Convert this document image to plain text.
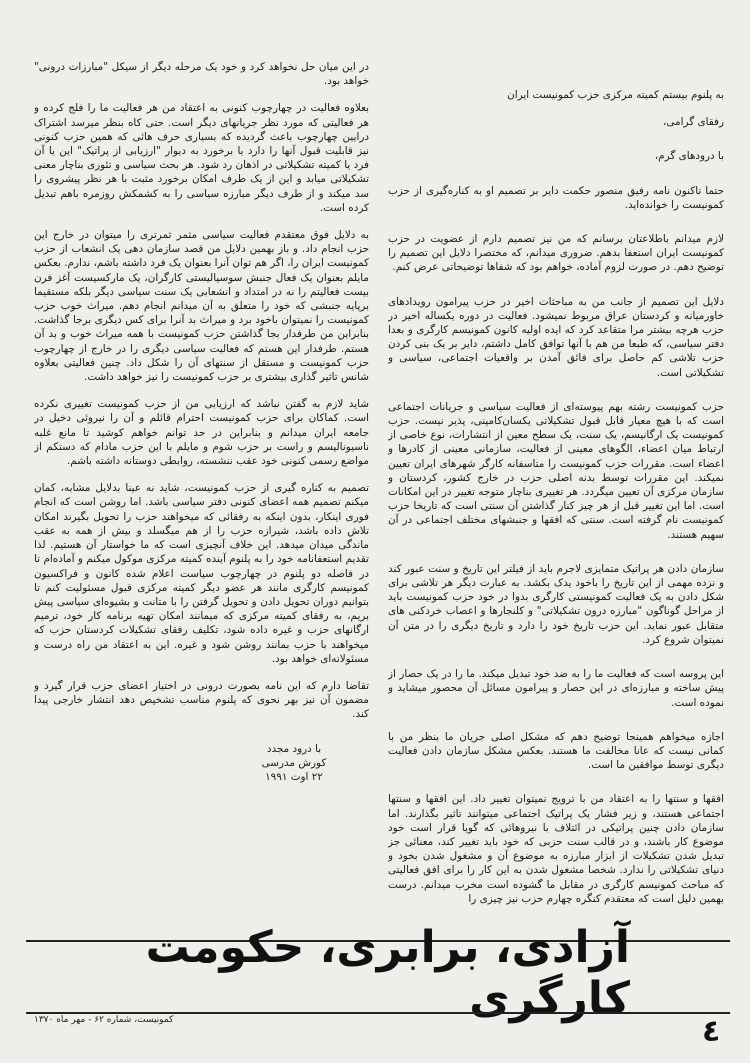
به پلنوم بیستم کمیته مرکزی حزب کمونیست ایران

رفقای گرامی،

با درودهای گرم،

حتما تاکنون نامه رفیق منصور حکمت دایر بر تصمیم او به کناره‌گیری از حزب کمونیست را خوانده‌اید.

لازم میدانم باطلاعتان برسانم که من نیز تصمیم دارم از عضویت در حزب کمونیست ایران استعفا بدهم. ضروری میدانم، که مختصرا دلایل این تصمیم را توضیح دهم. در صورت لزوم آماده، خواهم بود که شفاها توضیحاتی عرض کنم.

دلایل این تصمیم از جانب من به مباحثات اخیر در حزب پیرامون رویدادهای خاورمیانه و کردستان عراق مربوط نمیشود. فعالیت در دوره یکساله اخیر در حزب هرچه بیشتر مرا متقاعد کرد که ایده اولیه کانون کمونیسم کارگری و بعدا دفتر سیاسی، که طبعا من هم با آنها توافق کامل داشتم، دایر بر یک بنی کردن حزب تلاشی کم حاصل برای فائق آمدن بر واقعیات اجتماعی، سیاسی و تشکیلاتی است.

حزب کمونیست رشته بهم پیوسته‌ای از فعالیت سیاسی و جریانات اجتماعی است که با هیچ معیار قابل قبول تشکیلاتی یکسان‌کامپنی، پذیر نیست. حزب کمونیست یک ارگانیسم، یک سنت، یک سطح معین از انتشارات، نوع خاصی از ارتباط میان اعضاء، الگوهای معینی از فعالیت، سازمانی معینی از کادرها و اعضاء است. مقررات حزب کمونیست را متاسفانه کارگر شهرهای ایران تعیین نمیکند. این مقررات توسط بدنه اصلی حزب در خارج کشور، کردستان و سازمان مرکزی آن تعیین میگردد. هر تغییری بناچار متوجه تغییر در این امکانات است. اما این تغییر قبل از هر چیز کنار گذاشتن آن سنتی است که تاریخا حزب کمونیست نام گرفته است. سنتی که افقها و جنبشهای مختلف اجتماعی در آن سهیم هستند.

سازمان دادن هر پراتیک متمایزی لاجرم باید از فیلتر این تاریخ و سنت عبور کند و نزده مهمی از این تاریخ را باخود یدک بکشد. به عبارت دیگر هر تلاشی برای شکل دادن به یک فعالیت کمونیستی کارگری بدوا در خود حزب کمونیست باید از مراحل گوناگون "مبارزه درون تشکیلاتی" و کلنجارها و اعصاب خردکنی های متقابل عبور نماید. این حزب تاریخ خود را دارد و تاریخ دیگری را در متن آن نمیتوان شروع کرد.

این پروسه است که فعالیت ما را به ضد خود تبدیل میکند. ما را در یک حصار از پیش ساخته و مبارزه‌ای در این حصار و پیرامون مسائل آن محصور میشاید و نموده است.

اجازه میخواهم همینجا توضیح دهم که مشکل اصلی جریان ما بنظر من با کمانی نیست که عانا مخالفت ما هستند. بعکس مشکل سازمان دادن فعالیت دیگری توسط موافقین ما است.

افقها و سنتها را به اعتقاد من با ترویج نمیتوان تغییر داد. این افقها و سنتها اجتماعی هستند، و زیر فشار یک پراتیک اجتماعی میتوانند تاثیر بگذارند. اما سازمان دادن چنین پراتیکی در ائتلاف با نیروهائی که گویا قرار است خود موضوع کار باشند، و در قالب سنت حزبی که خود باید تغییر کند، معنائی جز تبدیل شدن تشکیلات از ابزار مبارزه به موضوع آن و مشغول شدن بخود و دنیای تشکیلاتی را ندارد. شخصا مشغول شدن به این کار را برای افق فعالیتی که مباحث کمونیسم کارگری در مقابل ما گشوده است مخرب میدانم. درست بهمین دلیل است که معتقدم کنگره چهارم حزب نیز چیزی را

در این میان حل نخواهد کرد و خود یک مرحله دیگر از سیکل "مبارزات درونی" خواهد بود.

بعلاوه فعالیت در چهارچوب کنونی به اعتقاد من هر فعالیت ما را فلج کرده و هر فعالیتی که مورد نظر جریانهای دیگر است. حتی کاه بنظر میرسد اشتراک درایین چهارچوب باعث گردیده که بسیاری حرف هائی که همین حزب کنونی نیز قابلیت قبول آنها را دارد با برخورد به دیوار "ارزیابی از پراتیک" این یا آن فرد یا کمیته تشکیلاتی در اذهان رد شود. هر بحث سیاسی و تئوری بناچار معنی تشکیلاتی میابد و این از یک طرف امکان برخورد مثبت با هر نظر پیشروی را سد میکند و از طرف دیگر مبارزه سیاسی را به کشمکش روزمره باهم تبدیل کرده است.

به دلایل فوق معتقدم فعالیت سیاسی مثمر ثمرتری را میتوان در خارج این حزب انجام داد. و باز بهمین دلایل من قصد سازمان دهی یک انشعاب از حزب کمونیست ایران را، اگر هم توان آنرا بعنوان یک فرد داشته باشم، ندارم. بعکس مایلم بعنوان یک فعال جنبش سوسیالیستی کارگران، یک مارکسیست آغز فرن بیست فعالیتم را نه در امتداد و انشعابی یک سنت سیاسی دیگر بلکه مستقیما برپایه جنبشی که خود را متعلق به آن میدانم انجام دهم. میراث خوب حزب کمونیست را نمیتوان باخود برد و میراث بد آنرا برای کس دیگری برجا گذاشت. بنابراین من طرفدار بجا گذاشتن حزب کمونیست با همه میراث خوب و بد آن هستم. طرفدار این هستم که فعالیت سیاسی دیگری را در خارج از چهارچوب حزب کمونیست و مستقل از سنتهای آن را شکل داد. چنین فعالیتی بعلاوه شانس تاثیر گذاری بیشتری بر حزب کمونیست را نیز خواهد داشت.

شاید لازم به گفتن نباشد که ارزیابی من از حزب کمونیست تغییری نکرده است. کماکان برای حزب کمونیست احترام قائلم و آن را نیروئی دخیل در جامعه ایران میدانم و بنابراین در حد توانم خواهم کوشید تا مانع غلبه ناسیونالیسم و راست بر حزب شوم و مایلم با این حزب مادام که دستکم از مواضع رسمی کنونی خود عقب ننشسته، روابطی دوستانه داشته باشم.

تصمیم به کناره گیری از حزب کمونیست، شاید نه عینا بدلایل مشابه، کمان میکنم تصمیم همه اعضای کنونی دفتر سیاسی باشد. اما روشن است که انجام فوری اینکار، بدون اینکه به رفقائی که میخواهند حزب را تحویل بگیرند امکان تلاش داده باشد، شیرازه حزب را از هم میگسلد و بیش از همه به عقب ماندگی میدان میدهد. این خلاف آنچیزی است که ما خواستار آن هستیم. لذا تقدیم استعفانامه خود را به پلنوم آینده کمیته مرکزی موکول میکنم و آماده‌ام تا در فاصله دو پلنوم در چهارچوب سیاست اعلام شده کانون و فراکسیون کمونیسم کارگری مانند هر عضو دیگر کمیته مرکزی قبول مسئولیت کنم تا بتوانیم دوران تحویل دادن و تحویل گرفتن را با متانت و بشیوه‌ای سیاسی پیش بریم، به رفقای کمیته مرکزی که میمانند امکان تهیه برنامه کار خود، ترمیم ارگانهای حزب و غیره داده شود، تکلیف رفقای تشکیلات کردستان حزب که میخواهند با حزب بمانند روشن شود و غیره. این به اعتقاد من راه درست و مسئولانه‌ای خواهد بود.

تقاضا دارم که این نامه بصورت درونی در اختیار اعضای حزب قرار گیرد و مضمون آن نیز بهر نحوی که پلنوم مناسب تشخیص دهد انتشار خارجی پیدا کند.

با درود مجدد
کورش مدرسی
۲۲ اوت ۱۹۹۱
آزادی، برابری، حکومت کارگری
کمونیست، شماره ۶۲ - مهر ماه ۱۳۷۰	٤
